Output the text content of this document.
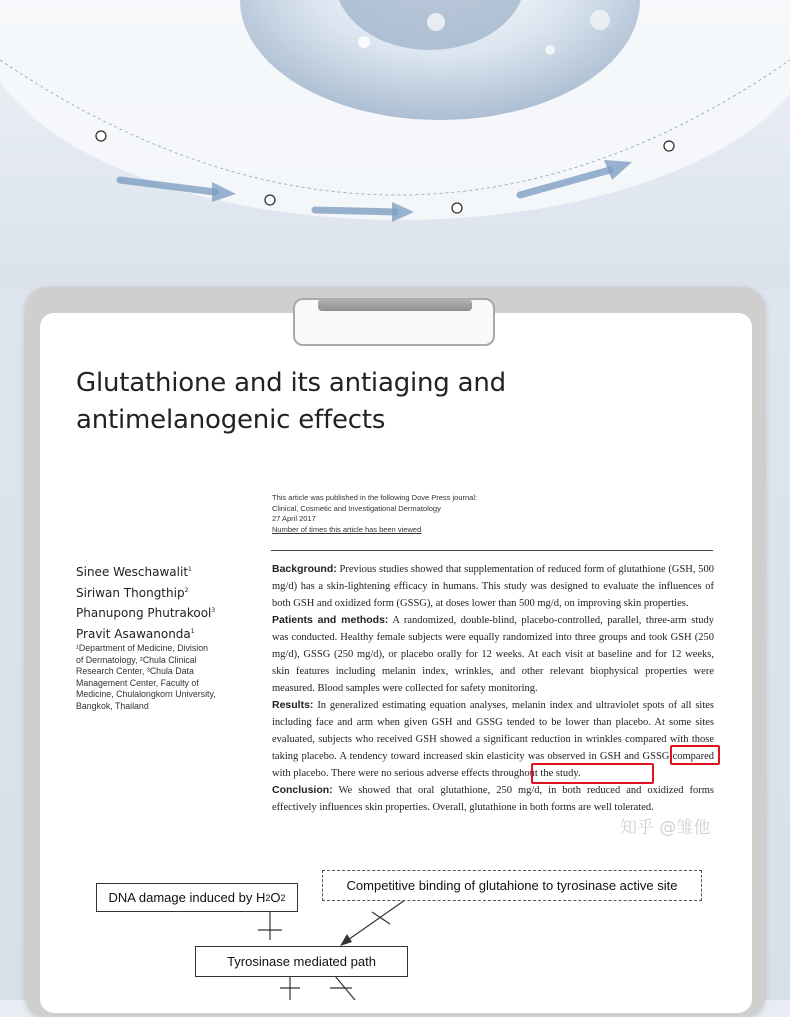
Glutathione and its antiaging and
antimelanogenic effects
This article was published in the following Dove Press journal:
Clinical, Cosmetic and Investigational Dermatology
27 April 2017
Number of times this article has been viewed
Sinee Weschawalit$^1$
Siriwan Thongthip$^2$
Phanupong Phutrakool$^3$
Pravit Asawanonda$^1$
¹Department of Medicine, Division
of Dermatology, ²Chula Clinical
Research Center, ³Chula Data
Management Center, Faculty of
Medicine, Chulalongkorn University,
Bangkok, Thailand

Background: Previous studies showed that supplementation of reduced form of glutathione (GSH, 500 mg/d) has a skin-lightening efficacy in humans. This study was designed to evaluate the influences of both GSH and oxidized form (GSSG), at doses lower than 500 mg/d, on improving skin properties.

Patients and methods: A randomized, double-blind, placebo-controlled, parallel, three-arm study was conducted. Healthy female subjects were equally randomized into three groups and took GSH (250 mg/d), GSSG (250 mg/d), or placebo orally for 12 weeks. At each visit at baseline and for 12 weeks, skin features including melanin index, wrinkles, and other relevant biophysical properties were measured. Blood samples were collected for safety monitoring.

Results: In generalized estimating equation analyses, melanin index and ultraviolet spots of all sites including face and arm when given GSH and GSSG tended to be lower than placebo. At some sites evaluated, subjects who received GSH showed a significant reduction in wrinkles compared with those taking placebo. A tendency toward increased skin elasticity was observed in GSH and GSSG compared with placebo. There were no serious adverse effects throughout the study.

Conclusion: We showed that oral glutathione, 250 mg/d, in both reduced and oxidized forms effectively influences skin properties. Overall, glutathione in both forms are well tolerated.

知乎 @雏他
DNA damage induced by H 2 O 2
Competitive binding of glutahione to tyrosinase active site
Tyrosinase mediated path
